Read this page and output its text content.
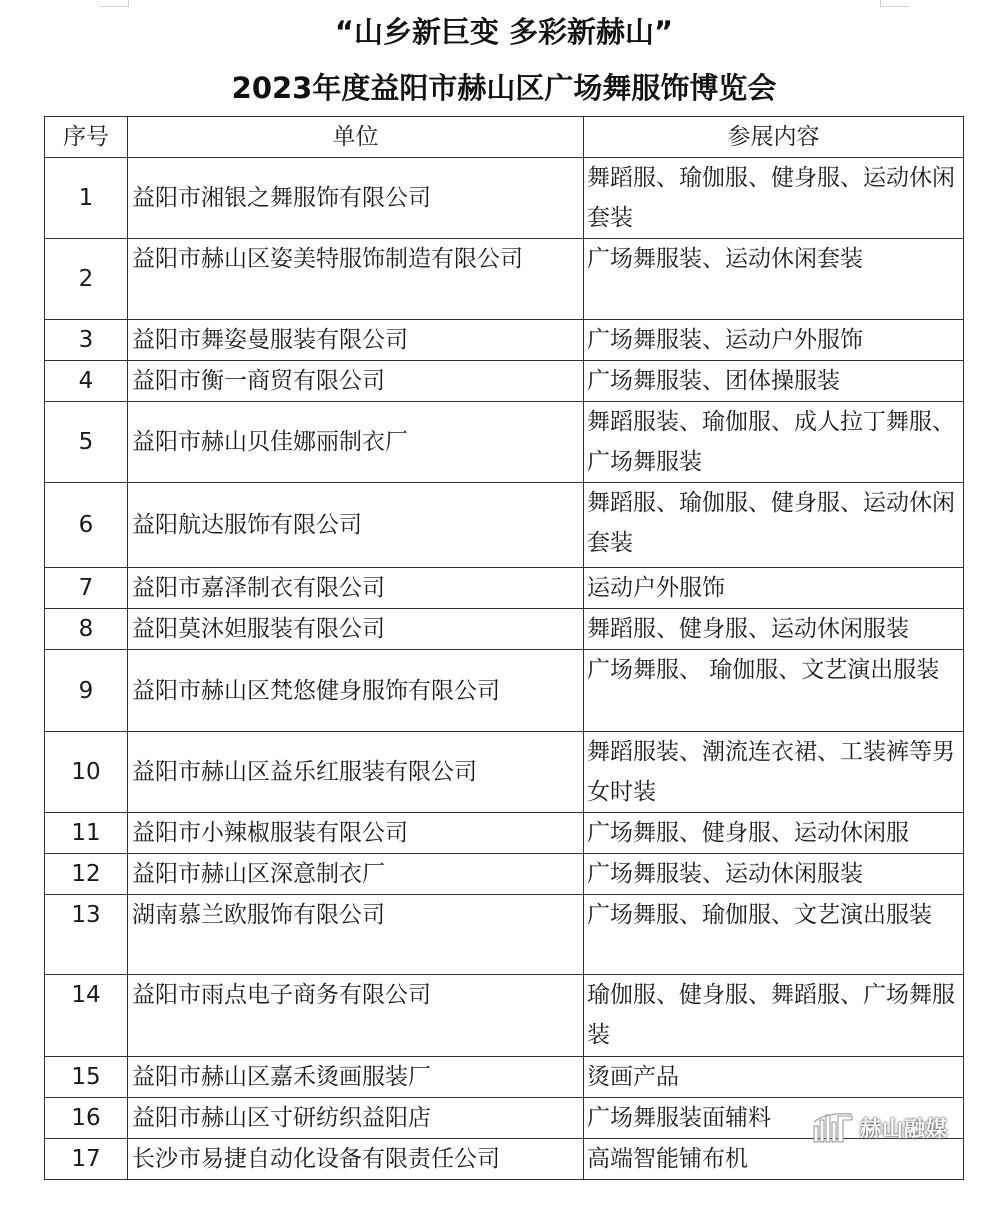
“山乡新巨变 多彩新赫山”
2023年度益阳市赫山区广场舞服饰博览会
序号	单位	参展内容
1	益阳市湘银之舞服饰有限公司	舞蹈服、瑜伽服、健身服、运动休闲套装
2	益阳市赫山区姿美特服饰制造有限公司	广场舞服装、运动休闲套装
3	益阳市舞姿曼服装有限公司	广场舞服装、运动户外服饰
4	益阳市衡一商贸有限公司	广场舞服装、团体操服装
5	益阳市赫山贝佳娜丽制衣厂	舞蹈服装、瑜伽服、成人拉丁舞服、广场舞服装
6	益阳航达服饰有限公司	舞蹈服、瑜伽服、健身服、运动休闲套装
7	益阳市嘉泽制衣有限公司	运动户外服饰
8	益阳莫沐妲服装有限公司	舞蹈服、健身服、运动休闲服装
9	益阳市赫山区梵悠健身服饰有限公司	广场舞服、 瑜伽服、文艺演出服装
10	益阳市赫山区益乐红服装有限公司	舞蹈服装、潮流连衣裙、工装裤等男女时装
11	益阳市小辣椒服装有限公司	广场舞服、健身服、运动休闲服
12	益阳市赫山区深意制衣厂	广场舞服装、运动休闲服装
13	湖南慕兰欧服饰有限公司	广场舞服、瑜伽服、文艺演出服装
14	益阳市雨点电子商务有限公司	瑜伽服、健身服、舞蹈服、广场舞服装
15	益阳市赫山区嘉禾烫画服装厂	烫画产品
16	益阳市赫山区寸研纺织益阳店	广场舞服装面辅料
17	长沙市易捷自动化设备有限责任公司	高端智能铺布机
赫山融媒
